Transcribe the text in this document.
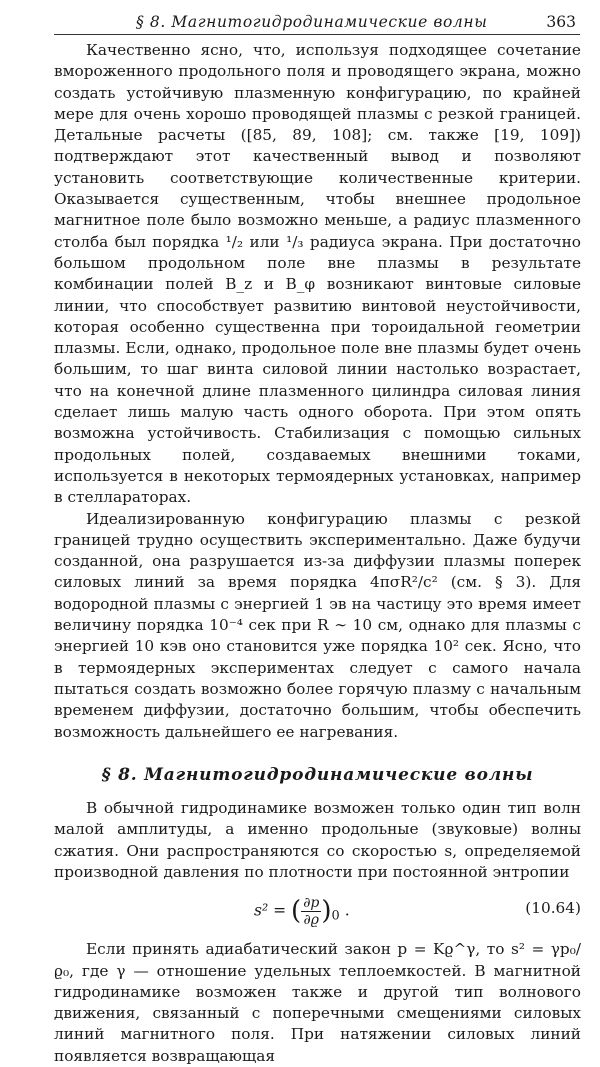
§ 8. Магнитогидродинамические волны	363

Качественно ясно, что, используя подходящее сочетание вмороженного продольного поля и проводящего экрана, можно создать устойчивую плазменную конфигурацию, по крайней мере для очень хорошо проводящей плазмы с резкой границей. Детальные расчеты ([85, 89, 108]; см. также [19, 109]) подтверждают этот качественный вывод и позволяют установить соответствующие количественные критерии. Оказывается существенным, чтобы внешнее продольное магнитное поле было возможно меньше, а радиус плазменного столба был порядка ¹/₂ или ¹/₃ радиуса экрана. При достаточно большом продольном поле вне плазмы в результате комбинации полей B_z и B_φ возникают винтовые силовые линии, что способствует развитию винтовой неустойчивости, которая особенно существенна при тороидальной геометрии плазмы. Если, однако, продольное поле вне плазмы будет очень большим, то шаг винта силовой линии настолько возрастает, что на конечной длине плазменного цилиндра силовая линия сделает лишь малую часть одного оборота. При этом опять возможна устойчивость. Стабилизация с помощью сильных продольных полей, создаваемых внешними токами, используется в некоторых термоядерных установках, например в стеллараторах.

Идеализированную конфигурацию плазмы с резкой границей трудно осуществить экспериментально. Даже будучи созданной, она разрушается из-за диффузии плазмы поперек силовых линий за время порядка 4πσR²/c² (см. § 3). Для водородной плазмы с энергией 1 эв на частицу это время имеет величину порядка 10⁻⁴ сек при R ∼ 10 см, однако для плазмы с энергией 10 кэв оно становится уже порядка 10² сек. Ясно, что в термоядерных экспериментах следует с самого начала пытаться создать возможно более горячую плазму с начальным временем диффузии, достаточно большим, чтобы обеспечить возможность дальнейшего ее нагревания.

§ 8. Магнитогидродинамические волны

В обычной гидродинамике возможен только один тип волн малой амплитуды, а именно продольные (звуковые) волны сжатия. Они распространяются со скоростью s, определяемой производной давления по плотности при постоянной энтропии

s² = ( $\frac{\partial p}{\partial ϱ} )_0$ .	(10.64)

Если принять адиабатический закон p = Kϱ^γ, то s² = γp₀/ϱ₀, где γ — отношение удельных теплоемкостей. В магнитной гидродинамике возможен также и другой тип волнового движения, связанный с поперечными смещениями силовых линий магнитного поля. При натяжении силовых линий появляется возвращающая
